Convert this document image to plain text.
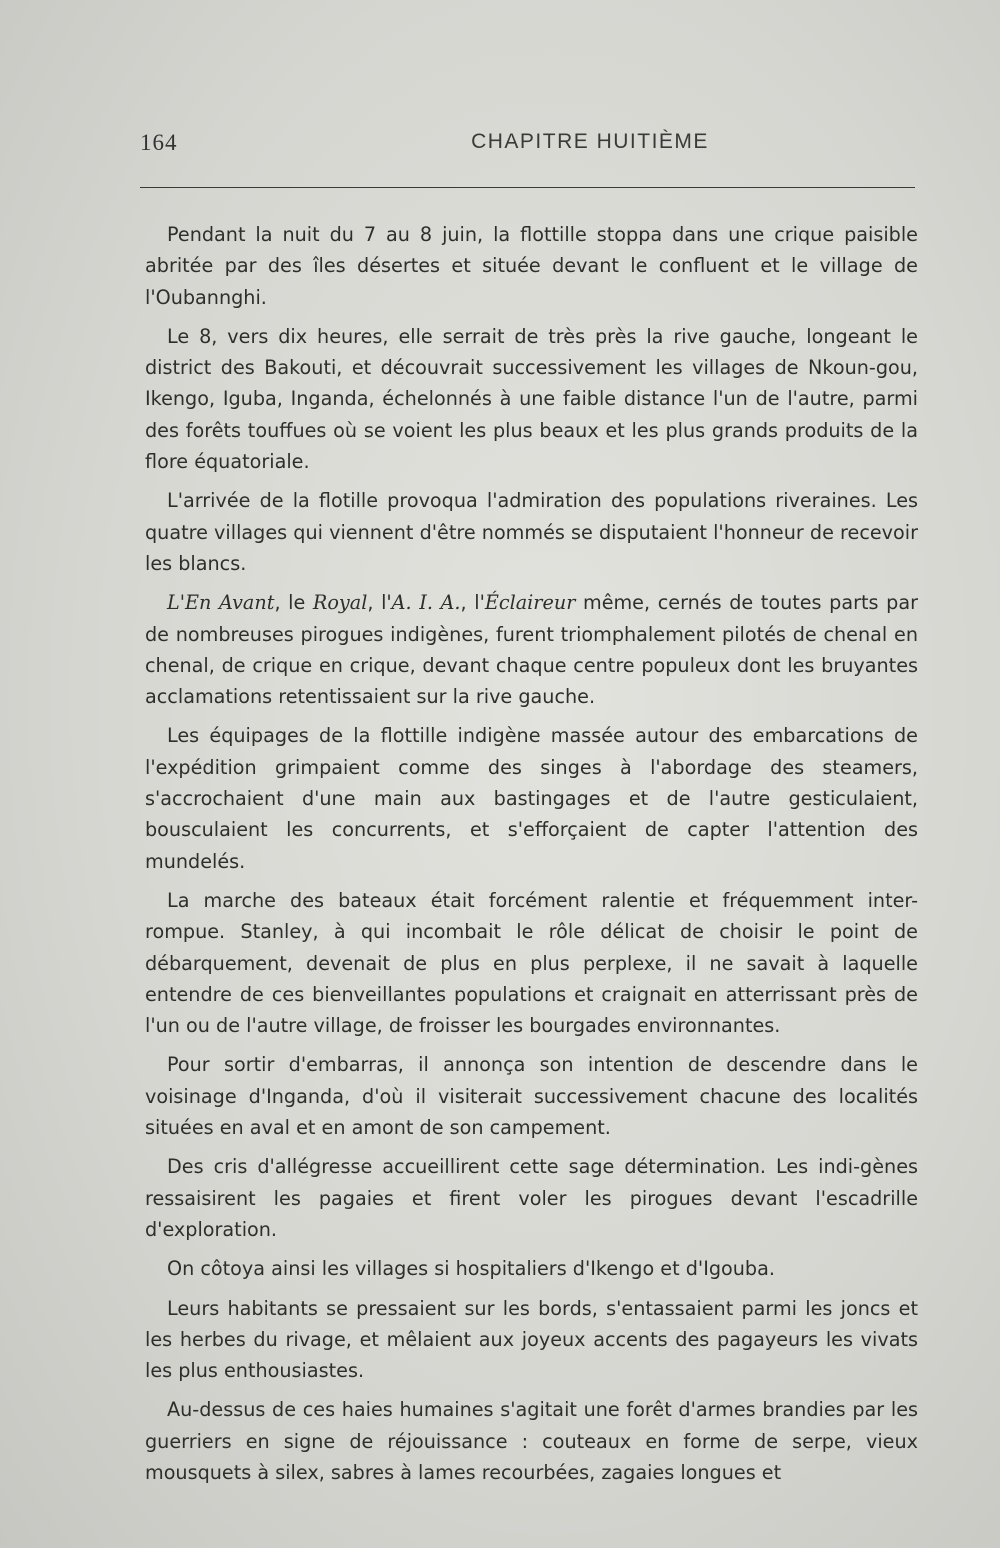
164	CHAPITRE HUITIÈME

Pendant la nuit du 7 au 8 juin, la flottille stoppa dans une crique paisible abritée par des îles désertes et située devant le confluent et le village de l'Oubannghi.

Le 8, vers dix heures, elle serrait de très près la rive gauche, longeant le district des Bakouti, et découvrait successivement les villages de Nkoun-gou, Ikengo, Iguba, Inganda, échelonnés à une faible distance l'un de l'autre, parmi des forêts touffues où se voient les plus beaux et les plus grands produits de la flore équatoriale.

L'arrivée de la flotille provoqua l'admiration des populations riveraines. Les quatre villages qui viennent d'être nommés se disputaient l'honneur de recevoir les blancs.

L'En Avant, le Royal, l'A. I. A., l'Éclaireur même, cernés de toutes parts par de nombreuses pirogues indigènes, furent triomphalement pilotés de chenal en chenal, de crique en crique, devant chaque centre populeux dont les bruyantes acclamations retentissaient sur la rive gauche.

Les équipages de la flottille indigène massée autour des embarcations de l'expédition grimpaient comme des singes à l'abordage des steamers, s'accrochaient d'une main aux bastingages et de l'autre gesticulaient, bousculaient les concurrents, et s'efforçaient de capter l'attention des mundelés.

La marche des bateaux était forcément ralentie et fréquemment inter-rompue. Stanley, à qui incombait le rôle délicat de choisir le point de débarquement, devenait de plus en plus perplexe, il ne savait à laquelle entendre de ces bienveillantes populations et craignait en atterrissant près de l'un ou de l'autre village, de froisser les bourgades environnantes.

Pour sortir d'embarras, il annonça son intention de descendre dans le voisinage d'Inganda, d'où il visiterait successivement chacune des localités situées en aval et en amont de son campement.

Des cris d'allégresse accueillirent cette sage détermination. Les indi-gènes ressaisirent les pagaies et firent voler les pirogues devant l'escadrille d'exploration.

On côtoya ainsi les villages si hospitaliers d'Ikengo et d'Igouba.

Leurs habitants se pressaient sur les bords, s'entassaient parmi les joncs et les herbes du rivage, et mêlaient aux joyeux accents des pagayeurs les vivats les plus enthousiastes.

Au-dessus de ces haies humaines s'agitait une forêt d'armes brandies par les guerriers en signe de réjouissance : couteaux en forme de serpe, vieux mousquets à silex, sabres à lames recourbées, zagaies longues et
